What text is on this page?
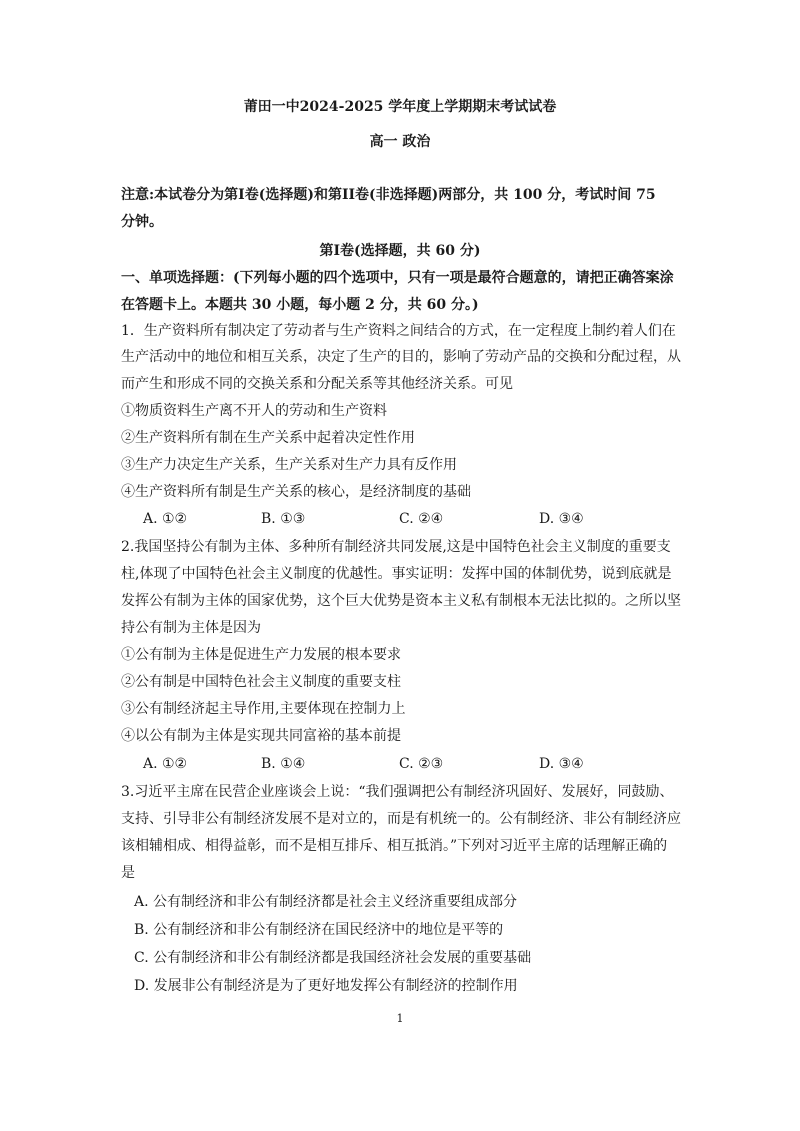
莆田一中2024-2025 学年度上学期期末考试试卷
高一 政治
注意:本试卷分为第Ⅰ卷(选择题)和第II卷(非选择题)两部分，共 100 分，考试时间 75
分钟。
第Ⅰ卷(选择题，共 60 分)
一、单项选择题：(下列每小题的四个选项中，只有一项是最符合题意的，请把正确答案涂
在答题卡上。本题共 30 小题，每小题 2 分，共 60 分。)
1．生产资料所有制决定了劳动者与生产资料之间结合的方式，在一定程度上制约着人们在
生产活动中的地位和相互关系，决定了生产的目的，影响了劳动产品的交换和分配过程，从
而产生和形成不同的交换关系和分配关系等其他经济关系。可见
①物质资料生产离不开人的劳动和生产资料
②生产资料所有制在生产关系中起着决定性作用
③生产力决定生产关系，生产关系对生产力具有反作用
④生产资料所有制是生产关系的核心，是经济制度的基础
A. ①②	B. ①③	C. ②④	D. ③④
2.我国坚持公有制为主体、多种所有制经济共同发展,这是中国特色社会主义制度的重要支
柱,体现了中国特色社会主义制度的优越性。事实证明：发挥中国的体制优势，说到底就是
发挥公有制为主体的国家优势，这个巨大优势是资本主义私有制根本无法比拟的。之所以坚
持公有制为主体是因为
①公有制为主体是促进生产力发展的根本要求
②公有制是中国特色社会主义制度的重要支柱
③公有制经济起主导作用,主要体现在控制力上
④以公有制为主体是实现共同富裕的基本前提
A. ①②	B. ①④	C. ②③	D. ③④
3.习近平主席在民营企业座谈会上说：“我们强调把公有制经济巩固好、发展好，同鼓励、
支持、引导非公有制经济发展不是对立的，而是有机统一的。公有制经济、非公有制经济应
该相辅相成、相得益彰，而不是相互排斥、相互抵消。”下列对习近平主席的话理解正确的
是
A. 公有制经济和非公有制经济都是社会主义经济重要组成部分
B. 公有制经济和非公有制经济在国民经济中的地位是平等的
C. 公有制经济和非公有制经济都是我国经济社会发展的重要基础
D. 发展非公有制经济是为了更好地发挥公有制经济的控制作用
1
